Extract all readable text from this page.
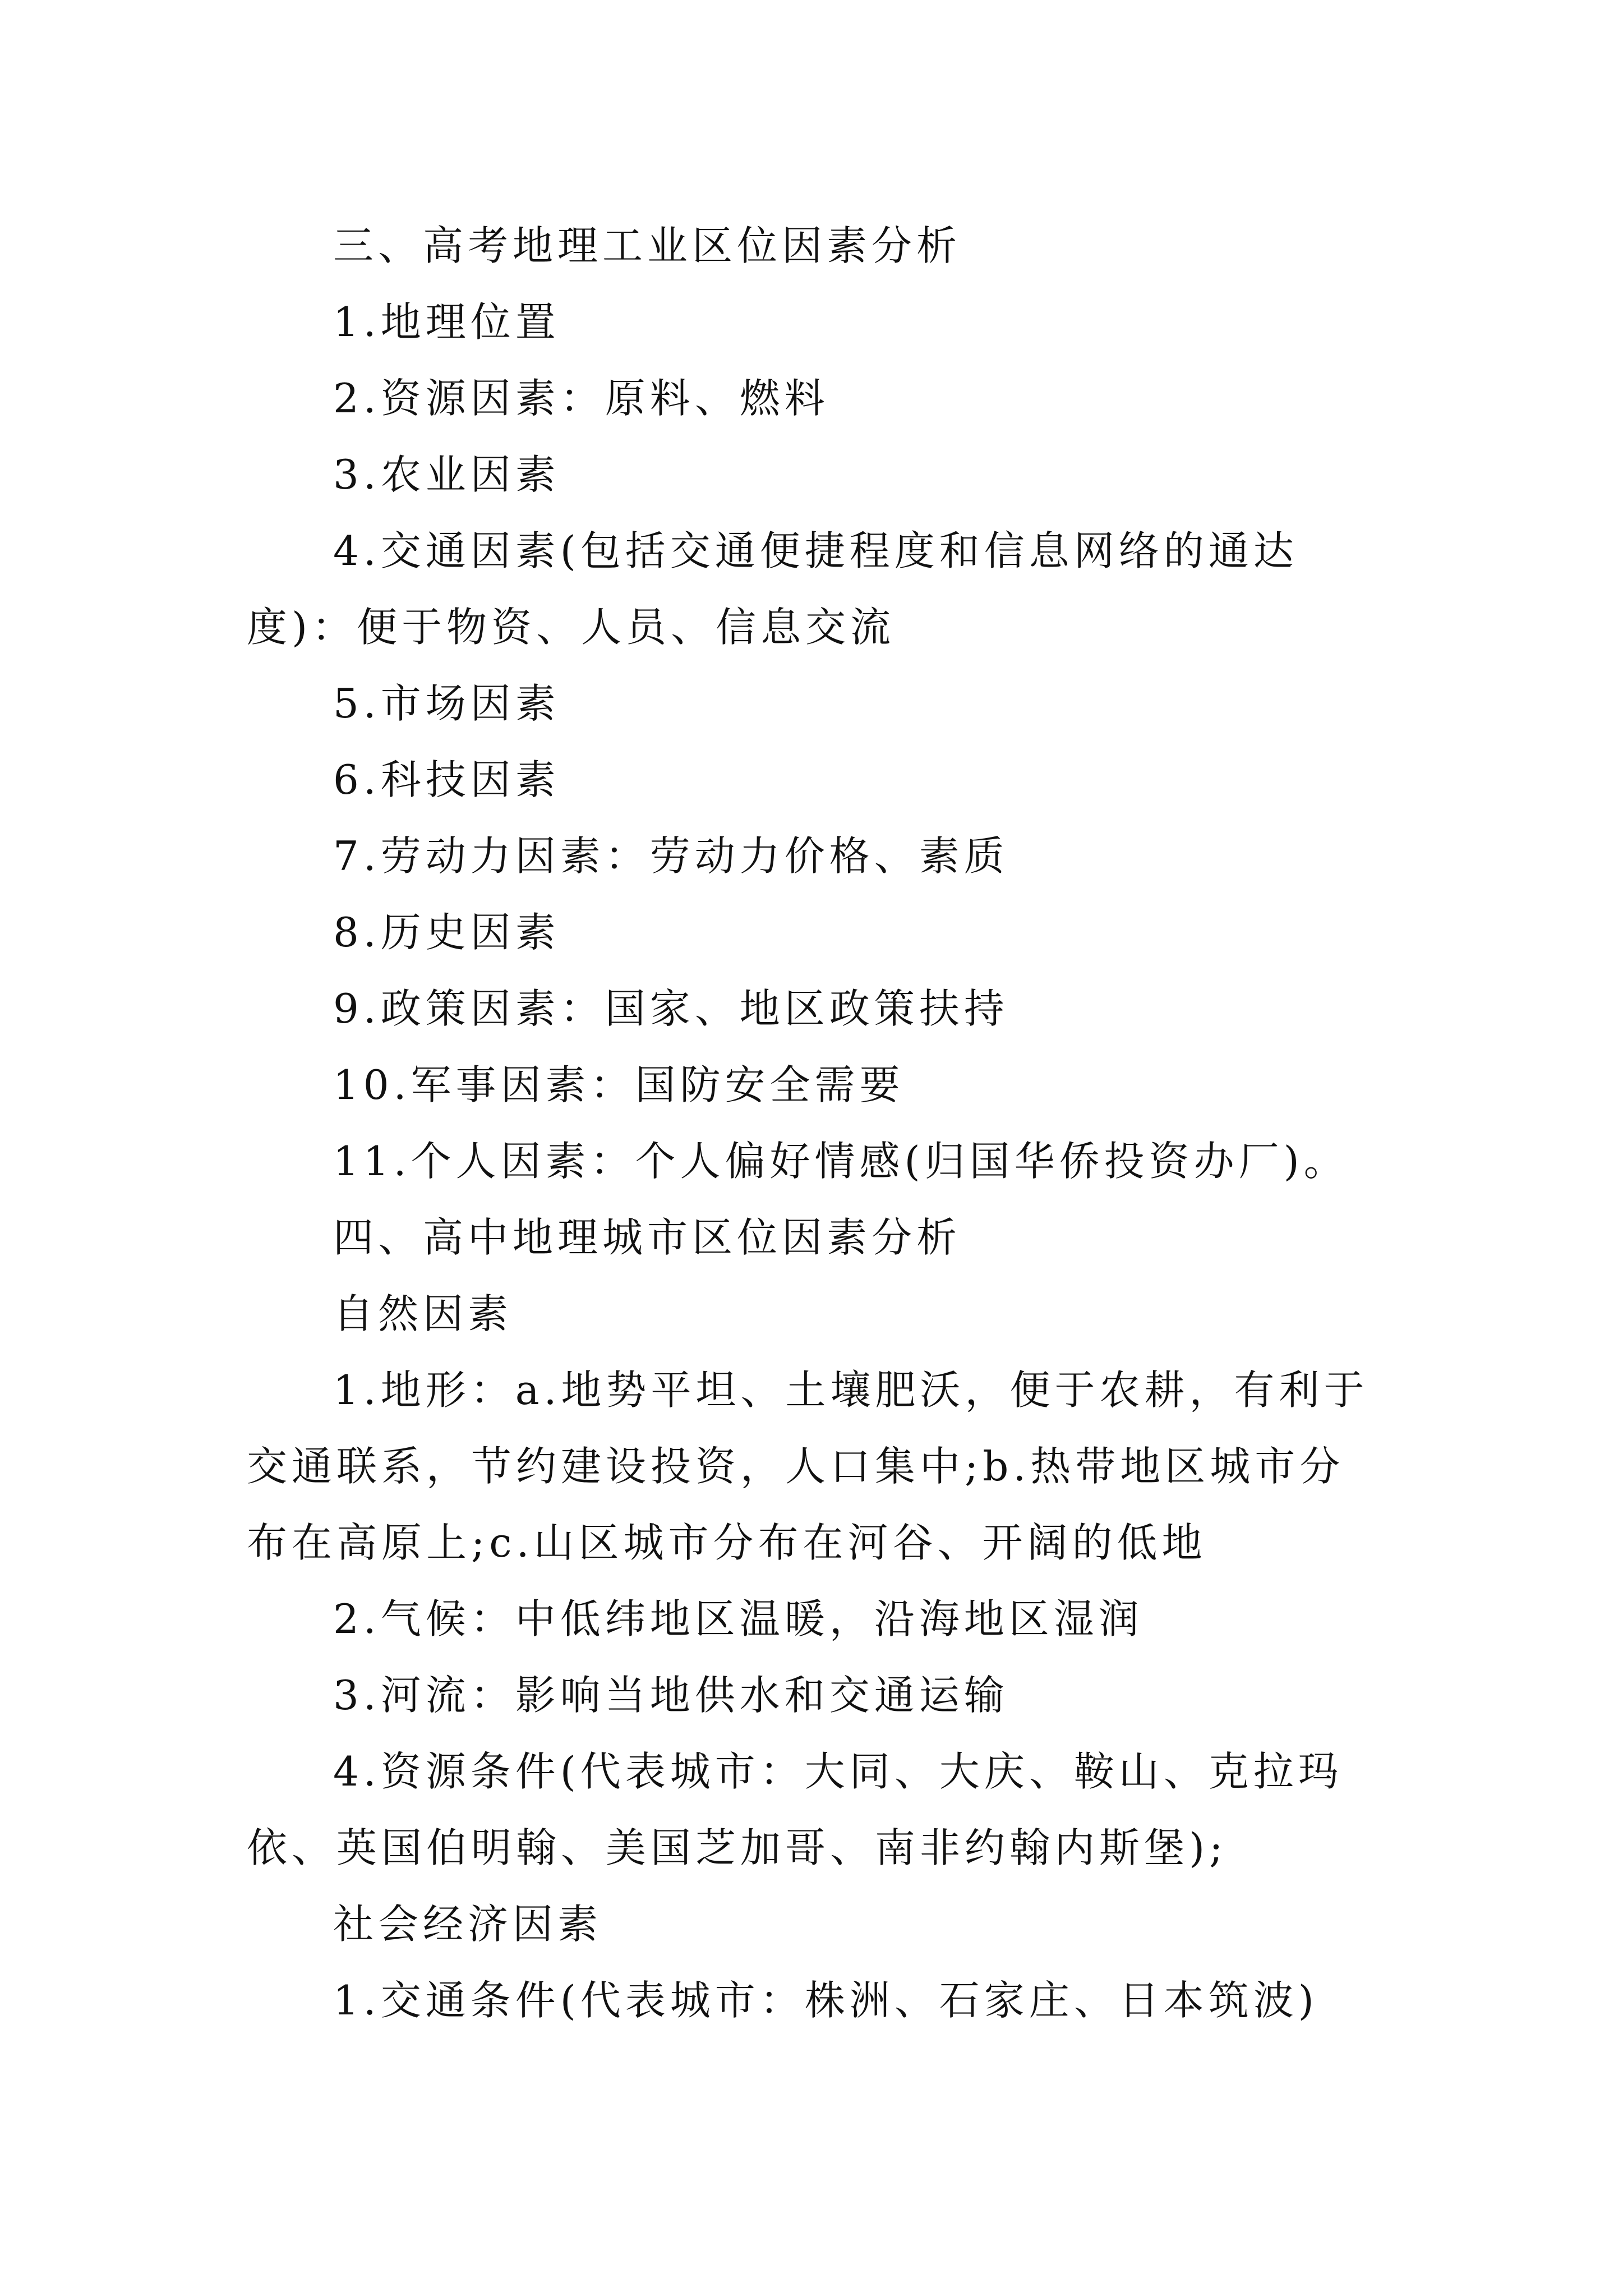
三、高考地理工业区位因素分析

1.地理位置

2.资源因素：原料、燃料

3.农业因素

4.交通因素(包括交通便捷程度和信息网络的通达度)：便于物资、人员、信息交流

5.市场因素

6.科技因素

7.劳动力因素：劳动力价格、素质

8.历史因素

9.政策因素：国家、地区政策扶持

10.军事因素：国防安全需要

11.个人因素：个人偏好情感(归国华侨投资办厂)。

四、高中地理城市区位因素分析

自然因素

1.地形：a.地势平坦、土壤肥沃，便于农耕，有利于交通联系，节约建设投资，人口集中;b.热带地区城市分布在高原上;c.山区城市分布在河谷、开阔的低地

2.气候：中低纬地区温暖，沿海地区湿润

3.河流：影响当地供水和交通运输

4.资源条件(代表城市：大同、大庆、鞍山、克拉玛依、英国伯明翰、美国芝加哥、南非约翰内斯堡);

社会经济因素

1.交通条件(代表城市：株洲、石家庄、日本筑波)
